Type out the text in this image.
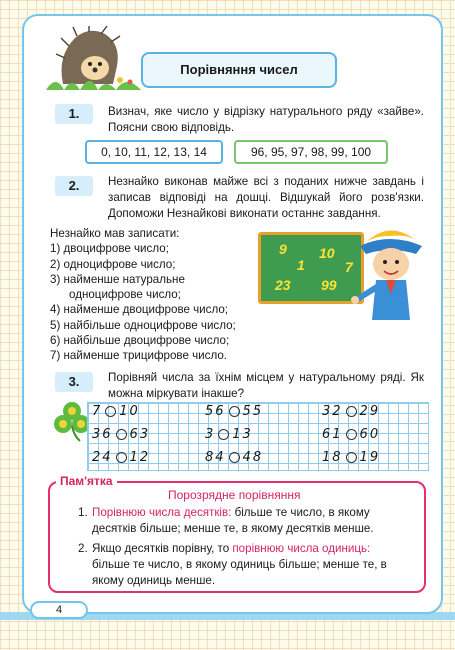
Порівняння чисел
1.	Визнач, яке число у відрізку натурального ряду «зайве». Поясни свою відповідь.
0, 10, 11, 12, 13, 14	96, 95, 97, 98, 99, 100
2.	Незнайко виконав майже всі з поданих нижче завдань і записав відповіді на дошці. Відшукай його розв'язки. Допоможи Незнайкові виконати останнє завдання.
Незнайко мав записати:
1) двоцифрове число;
2) одноцифрове число;
3) найменше натуральне
одноцифрове число;
4) найменше двоцифрове число;
5) найбільше одноцифрове число;
6) найбільше двоцифрове число;
7) найменше трицифрове число.
9 10
1	7
23 99
3.	Порівняй числа за їхнім місцем у натуральному ряді. Як можна міркувати інакше?
7 10	56 55	32 29
36 63	3 13	61 60
24 12	84 48	18 19
Пам'ятка
Порозрядне порівняння
1. Порівнюю числа десятків: більше те число, в якому десятків більше; менше те, в якому десятків менше.
2. Якщо десятків порівну, то порівнюю числа одиниць: більше те число, в якому одиниць більше; менше те, в якому одиниць менше.
4
